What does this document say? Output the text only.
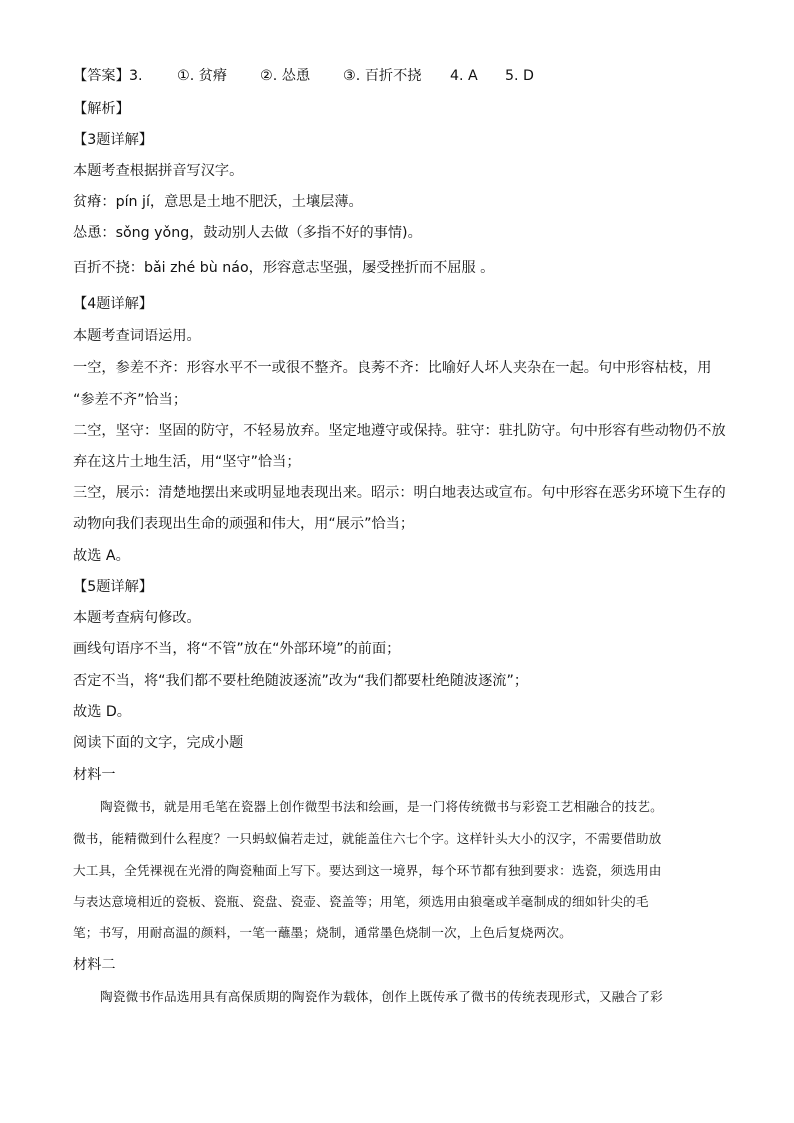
【答案】 3. ①. 贫瘠 ②. 怂恿 ③. 百折不挠 4. A 5. D
【解析】
【3题详解】
本题考查根据拼音写汉字。
贫瘠：pín jí，意思是土地不肥沃，土壤层薄。
怂恿：sǒng yǒng，鼓动别人去做（多指不好的事情)。
百折不挠：bǎi zhé bù náo，形容意志坚强，屡受挫折而不屈服 。
【4题详解】
本题考查词语运用。
一空，参差不齐：形容水平不一或很不整齐。良莠不齐：比喻好人坏人夹杂在一起。句中形容枯枝，用
“参差不齐”恰当；
二空，坚守：坚固的防守，不轻易放弃。坚定地遵守或保持。驻守：驻扎防守。句中形容有些动物仍不放
弃在这片土地生活，用“坚守”恰当；
三空，展示：清楚地摆出来或明显地表现出来。昭示：明白地表达或宣布。句中形容在恶劣环境下生存的
动物向我们表现出生命的顽强和伟大，用“展示”恰当；
故选 A。
【5题详解】
本题考查病句修改。
画线句语序不当，将“不管”放在“外部环境”的前面；
否定不当，将“我们都不要杜绝随波逐流”改为“我们都要杜绝随波逐流”；
故选 D。
阅读下面的文字，完成小题
材料一
陶瓷微书，就是用毛笔在瓷器上创作微型书法和绘画，是一门将传统微书与彩瓷工艺相融合的技艺。
微书，能精微到什么程度？一只蚂蚁偏若走过，就能盖住六七个字。这样针头大小的汉字，不需要借助放
大工具，全凭裸视在光滑的陶瓷釉面上写下。要达到这一境界，每个环节都有独到要求：选瓷，须选用由
与表达意境相近的瓷板、瓷瓶、瓷盘、瓷壶、瓷盖等；用笔，须选用由狼毫或羊毫制成的细如针尖的毛
笔；书写，用耐高温的颜料，一笔一蘸墨；烧制，通常墨色烧制一次，上色后复烧两次。
材料二
陶瓷微书作品选用具有高保质期的陶瓷作为载体，创作上既传承了微书的传统表现形式，又融合了彩
